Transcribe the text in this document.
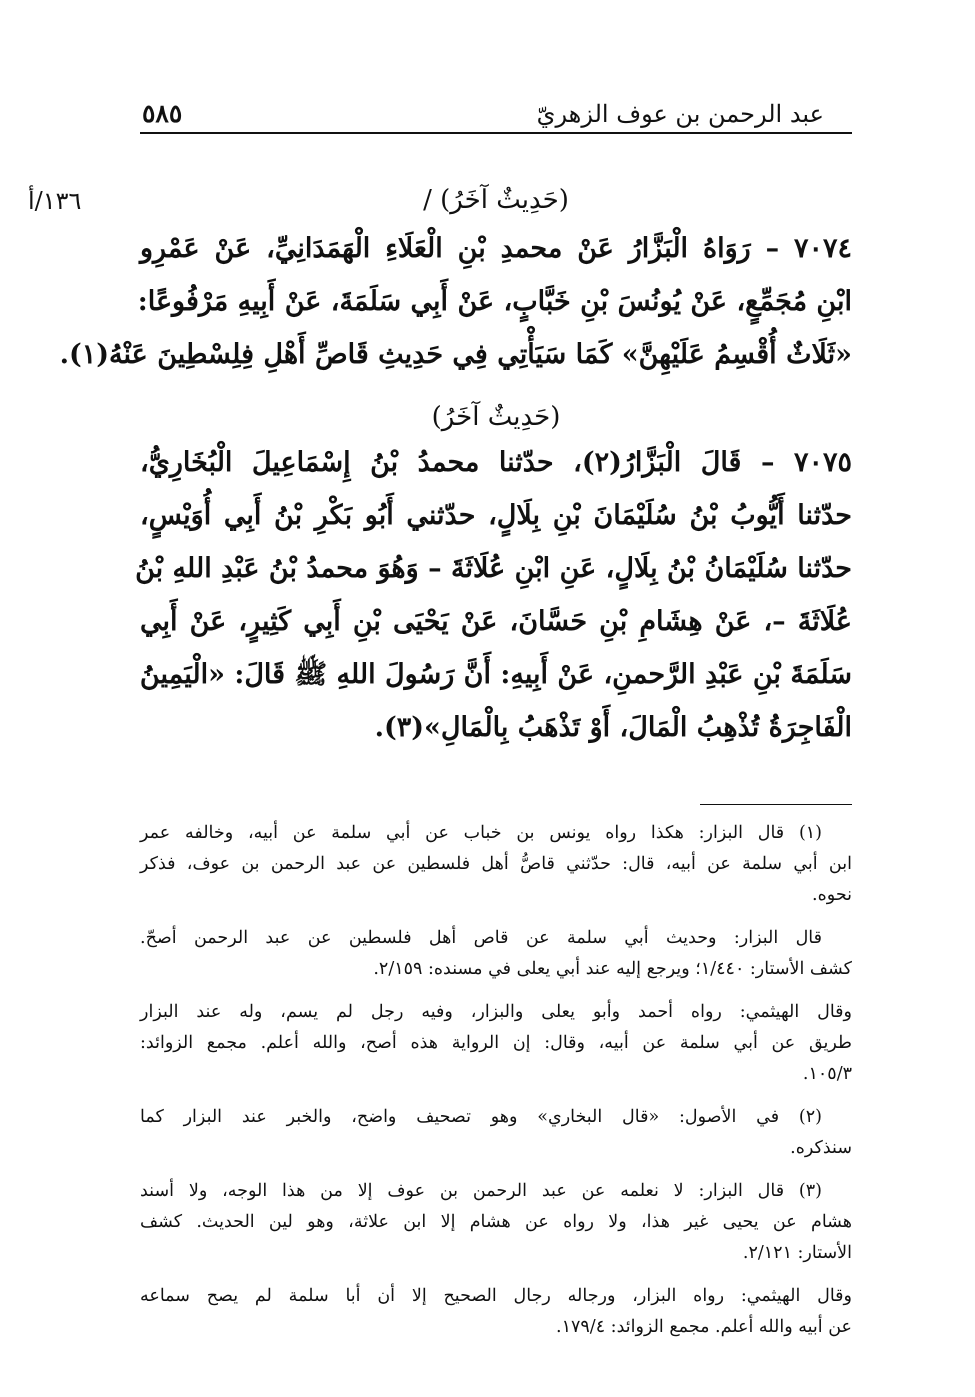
عبد الرحمن بن عوف الزهريّ
٥٨٥
١٣٦/أ	(حَدِيثٌ آخَرُ) /
٧٠٧٤ – رَوَاهُ الْبَزَّارُ عَنْ محمدِ بْنِ الْعَلَاءِ الْهَمَدَانِيِّ، عَنْ عَمْرِو
ابْنِ مُجَمِّعٍ، عَنْ يُونُسَ بْنِ خَبَّابٍ، عَنْ أَبِي سَلَمَةَ، عَنْ أَبِيهِ مَرْفُوعًا:
«ثَلَاثٌ أُقْسِمُ عَلَيْهِنَّ» كَمَا سَيَأْتِي فِي حَدِيثِ قَاصِّ أَهْلِ فِلِسْطِينَ عَنْهُ(١).
(حَدِيثٌ آخَرُ)
٧٠٧٥ – قَالَ الْبَزَّارُ(٢)، حدّثنا محمدُ بْنُ إِسْمَاعِيلَ الْبُخَارِيُّ،
حدّثنا أَيُّوبُ بْنُ سُلَيْمَانَ بْنِ بِلَالٍ، حدّثني أَبُو بَكْرِ بْنُ أَبِي أُوَيْسٍ،
حدّثنا سُلَيْمَانُ بْنُ بِلَالٍ، عَنِ ابْنِ عُلَاثَةَ – وَهُوَ محمدُ بْنُ عَبْدِ اللهِ بْنُ
عُلَاثَةَ –، عَنْ هِشَامِ بْنِ حَسَّانَ، عَنْ يَحْيَى بْنِ أَبِي كَثِيرٍ، عَنْ أَبِي
سَلَمَةَ بْنِ عَبْدِ الرَّحمنِ، عَنْ أَبِيهِ: أَنَّ رَسُولَ اللهِ ﷺ قَالَ: «الْيَمِينُ
الْفَاجِرَةُ تُذْهِبُ الْمَالَ، أَوْ تَذْهَبُ بِالْمَالِ»(٣).
(١) قال البزار: هكذا رواه يونس بن خباب عن أبي سلمة عن أبيه، وخالفه عمر
ابن أبي سلمة عن أبيه، قال: حدّثني قاصُّ أهل فلسطين عن عبد الرحمن بن عوف، فذكر
نحوه.
قال البزار: وحديث أبي سلمة عن قاص أهل فلسطين عن عبد الرحمن أصحّ.
كشف الأستار: ١/٤٤٠؛ ويرجع إليه عند أبي يعلى في مسنده: ٢/١٥٩.
وقال الهيثمي: رواه أحمد وأبو يعلى والبزار، وفيه رجل لم يسم، وله عند البزار
طريق عن أبي سلمة عن أبيه، وقال: إن الرواية هذه أصح، والله أعلم. مجمع الزوائد:
١٠٥/٣.
(٢) في الأصول: «قال البخاري» وهو تصحيف واضح، والخبر عند البزار كما
سنذكره.
(٣) قال البزار: لا نعلمه عن عبد الرحمن بن عوف إلا من هذا الوجه، ولا أسند
هشام عن يحيى غير هذا، ولا رواه عن هشام إلا ابن علاثة، وهو لين الحديث. كشف
الأستار: ٢/١٢١.
وقال الهيثمي: رواه البزار، ورجاله رجال الصحيح إلا أن أبا سلمة لم يصح سماعه
عن أبيه والله أعلم. مجمع الزوائد: ١٧٩/٤.
